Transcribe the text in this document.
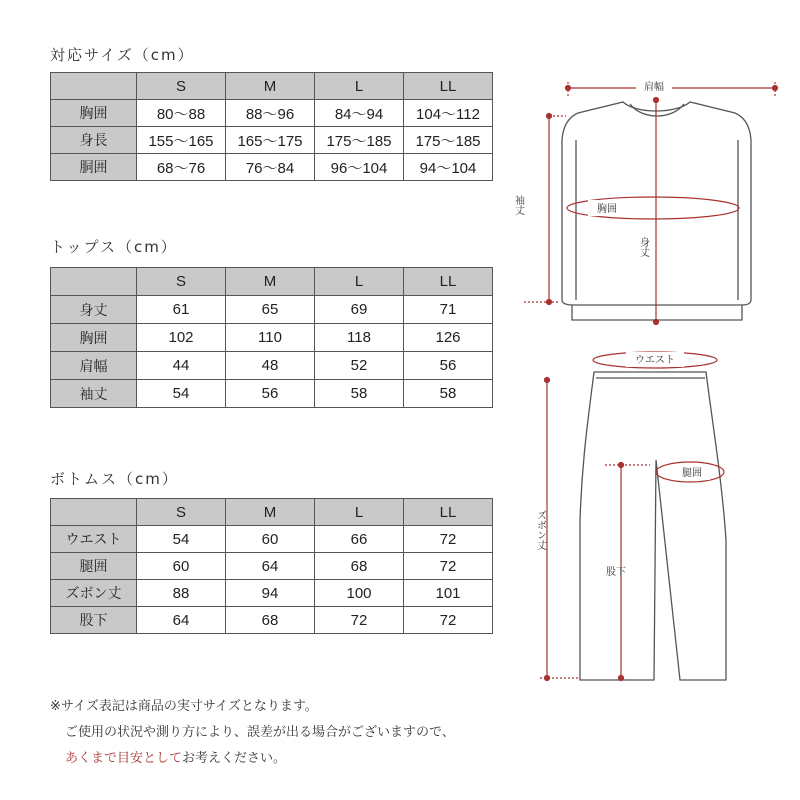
対応サイズ（cm）
	S	M	L	LL
胸囲	80〜88	88〜96	84〜94	104〜112
身長	155〜165	165〜175	175〜185	175〜185
胴囲	68〜76	76〜84	96〜104	94〜104
トップス（cm）
	S	M	L	LL
身丈	61	65	69	71
胸囲	102	110	118	126
肩幅	44	48	52	56
袖丈	54	56	58	58
ボトムス（cm）
	S	M	L	LL
ウエスト	54	60	66	72
腿囲	60	64	68	72
ズボン丈	88	94	100	101
股下	64	68	72	72
肩幅
胸囲
袖丈
身丈
ウエスト
腿囲
股下
ズボン丈
※サイズ表記は商品の実寸サイズとなります。
ご使用の状況や測り方により、誤差が出る場合がございますので、
あくまで目安としてお考えください。
